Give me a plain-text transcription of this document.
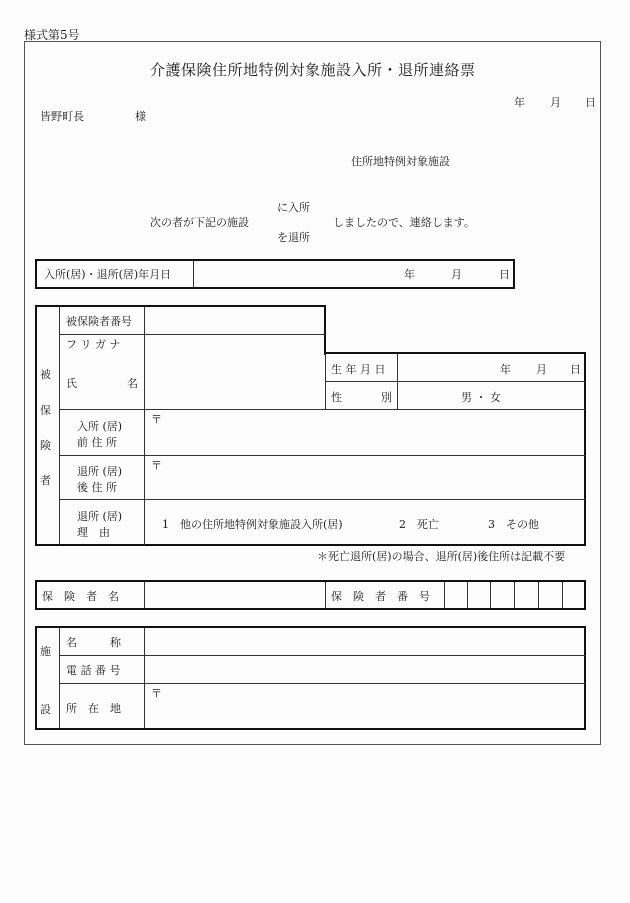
様式第5号
介護保険住所地特例対象施設入所・退所連絡票
年 月 日
皆野町長	様
住所地特例対象施設
に入所
次の者が下記の施設	しましたので、連絡します。
を退所
入所(居)・退所(居)年月日	年	月	日
被
保
険
者
被保険者番号
フ リ ガ ナ
氏	名
生 年 月 日	年 月 日
性	別	男 ・ 女
入所 (居)
前 住 所
〒
退所 (居)
後 住 所
〒
退所 (居)
理　由
1　他の住所地特例対象施設入所(居)	2　死亡	3　その他
＊死亡退所(居)の場合、退所(居)後住所は記載不要
保　険　者　名	保　険　者　番　号
施
設
名　　　称
電 話 番 号
所　在　地
〒
